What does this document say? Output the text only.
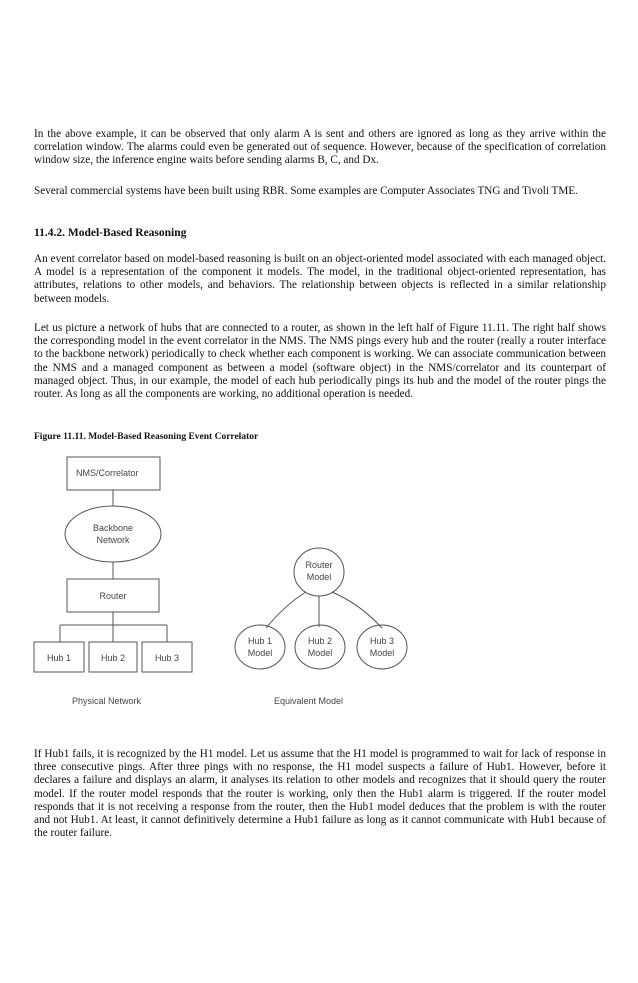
In the above example, it can be observed that only alarm A is sent and others are ignored as long as they arrive within the correlation window. The alarms could even be generated out of sequence. However, because of the specification of correlation window size, the inference engine waits before sending alarms B, C, and Dx.

Several commercial systems have been built using RBR. Some examples are Computer Associates TNG and Tivoli TME.

11.4.2. Model-Based Reasoning

An event correlator based on model-based reasoning is built on an object-oriented model associated with each managed object. A model is a representation of the component it models. The model, in the traditional object-oriented representation, has attributes, relations to other models, and behaviors. The relationship between objects is reflected in a similar relationship between models.

Let us picture a network of hubs that are connected to a router, as shown in the left half of Figure 11.11. The right half shows the corresponding model in the event correlator in the NMS. The NMS pings every hub and the router (really a router interface to the backbone network) periodically to check whether each component is working. We can associate communication between the NMS and a managed component as between a model (software object) in the NMS/correlator and its counterpart of managed object. Thus, in our example, the model of each hub periodically pings its hub and the model of the router pings the router. As long as all the components are working, no additional operation is needed.

Figure 11.11. Model-Based Reasoning Event Correlator
NMS/Correlator
Backbone
Network
Router
Hub 1	Hub 2	Hub 3
Physical Network
Router
Model
Hub 1
Model
Hub 2
Model
Hub 3
Model
Equivalent Model

If Hub1 fails, it is recognized by the H1 model. Let us assume that the H1 model is programmed to wait for lack of response in three consecutive pings. After three pings with no response, the H1 model suspects a failure of Hub1. However, before it declares a failure and displays an alarm, it analyses its relation to other models and recognizes that it should query the router model. If the router model responds that the router is working, only then the Hub1 alarm is triggered. If the router model responds that it is not receiving a response from the router, then the Hub1 model deduces that the problem is with the router and not Hub1. At least, it cannot definitively determine a Hub1 failure as long as it cannot communicate with Hub1 because of the router failure.
